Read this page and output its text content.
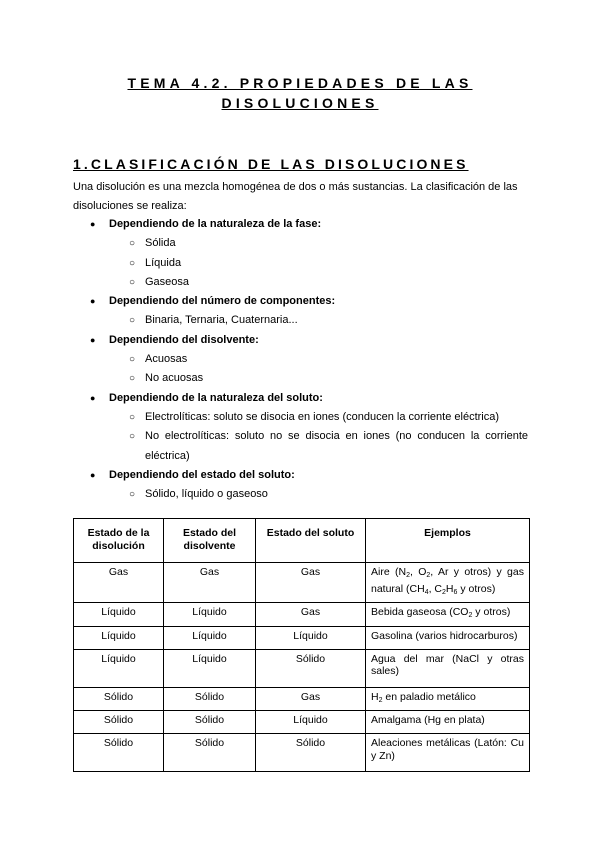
TEMA 4.2. PROPIEDADES DE LAS
DISOLUCIONES
1.CLASIFICACIÓN DE LAS DISOLUCIONES
Una disolución es una mezcla homogénea de dos o más sustancias. La clasificación de las disoluciones se realiza:
● Dependiendo de la naturaleza de la fase:
○ Sólida
○ Líquida
○ Gaseosa
● Dependiendo del número de componentes:
○ Binaria, Ternaria, Cuaternaria...
● Dependiendo del disolvente:
○ Acuosas
○ No acuosas
● Dependiendo de la naturaleza del soluto:
○ Electrolíticas: soluto se disocia en iones (conducen la corriente eléctrica)
○ No electrolíticas: soluto no se disocia en iones (no conducen la corriente
eléctrica)
● Dependiendo del estado del soluto:
○ Sólido, líquido o gaseoso
Estado de la disolución	Estado del disolvente	Estado del soluto	Ejemplos
Gas	Gas	Gas	Aire ($N_2$, $O_2$, Ar y otros) y gas natural ($CH_4$, $C_2H_6$ y otros)
Líquido	Líquido	Gas	Bebida gaseosa ($CO_2$ y otros)
Líquido	Líquido	Líquido	Gasolina (varios hidrocarburos)
Líquido	Líquido	Sólido	Agua del mar (NaCl y otras sales)
Sólido	Sólido	Gas	$H_2$ en paladio metálico
Sólido	Sólido	Líquido	Amalgama (Hg en plata)
Sólido	Sólido	Sólido	Aleaciones metálicas (Latón: Cu y Zn)
